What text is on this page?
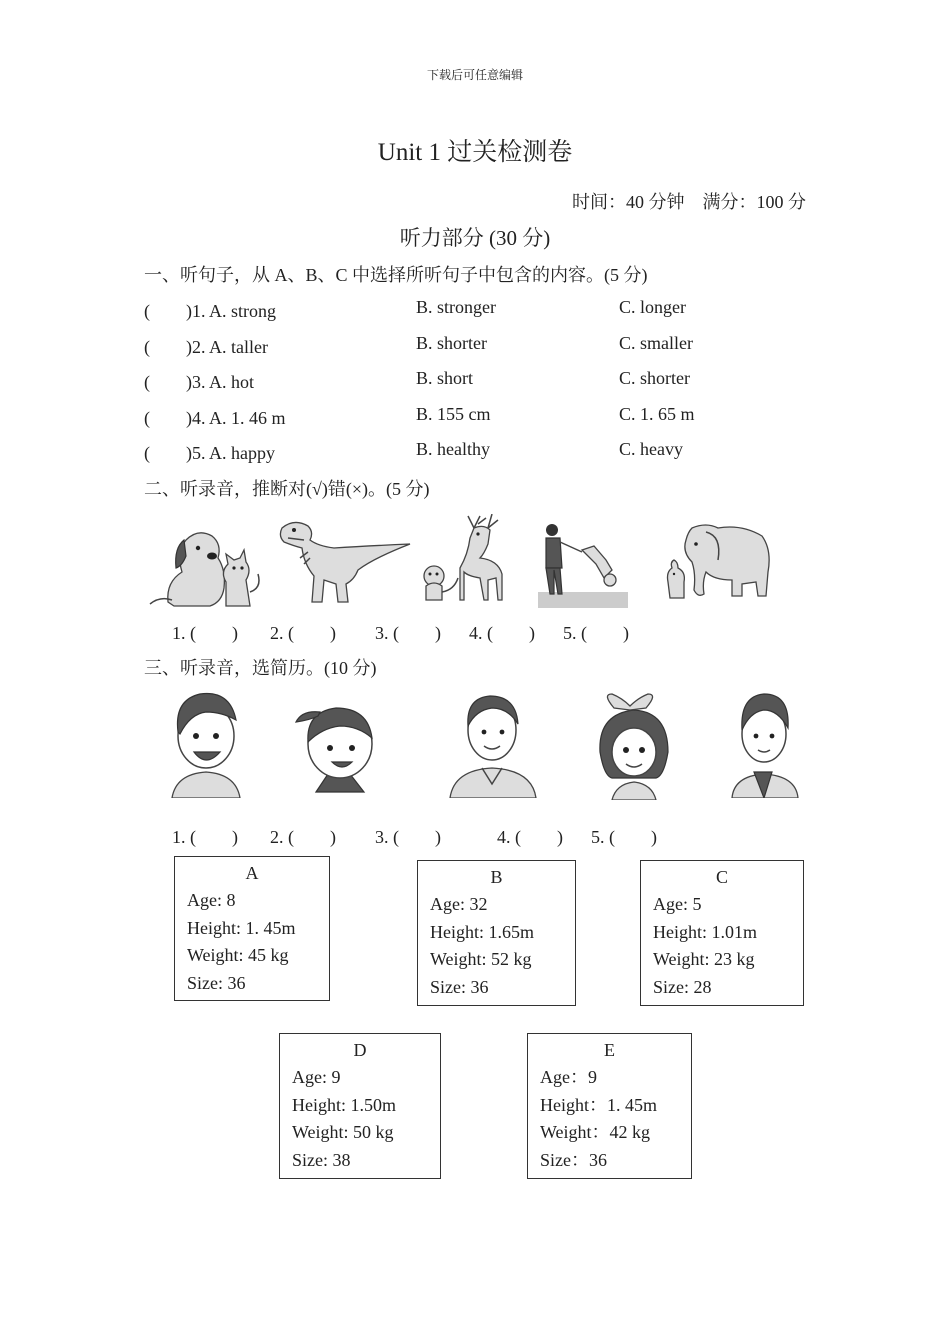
下载后可任意编辑
Unit 1 过关检测卷
时间：40 分钟　满分：100 分
听力部分 (30 分)
一、听句子，从 A、B、C 中选择所听句子中包含的内容。(5 分)
(　　)1. A. strong	B. stronger	C. longer
(　　)2. A. taller	B. shorter	C. smaller
(　　)3. A. hot	B. short	C. shorter
(　　)4. A. 1. 46 m	B. 155 cm	C. 1. 65 m
(　　)5. A. happy	B. healthy	C. heavy
二、听录音，推断对(√)错(×)。(5 分)
1. (　　) 2. (　　) 3. (　　) 4. (　　) 5. (　　)
三、听录音，选简历。(10 分)
1. (　　) 2. (　　) 3. (　　)	4. (　　) 5. (　　)
A
Age: 8
Height: 1. 45m
Weight: 45 kg
Size: 36
B
Age: 32
Height: 1.65m
Weight: 52 kg
Size: 36
C
Age: 5
Height: 1.01m
Weight: 23 kg
Size: 28
D
Age: 9
Height: 1.50m
Weight: 50 kg
Size: 38
E
Age：9
Height：1. 45m
Weight：42 kg
Size：36
